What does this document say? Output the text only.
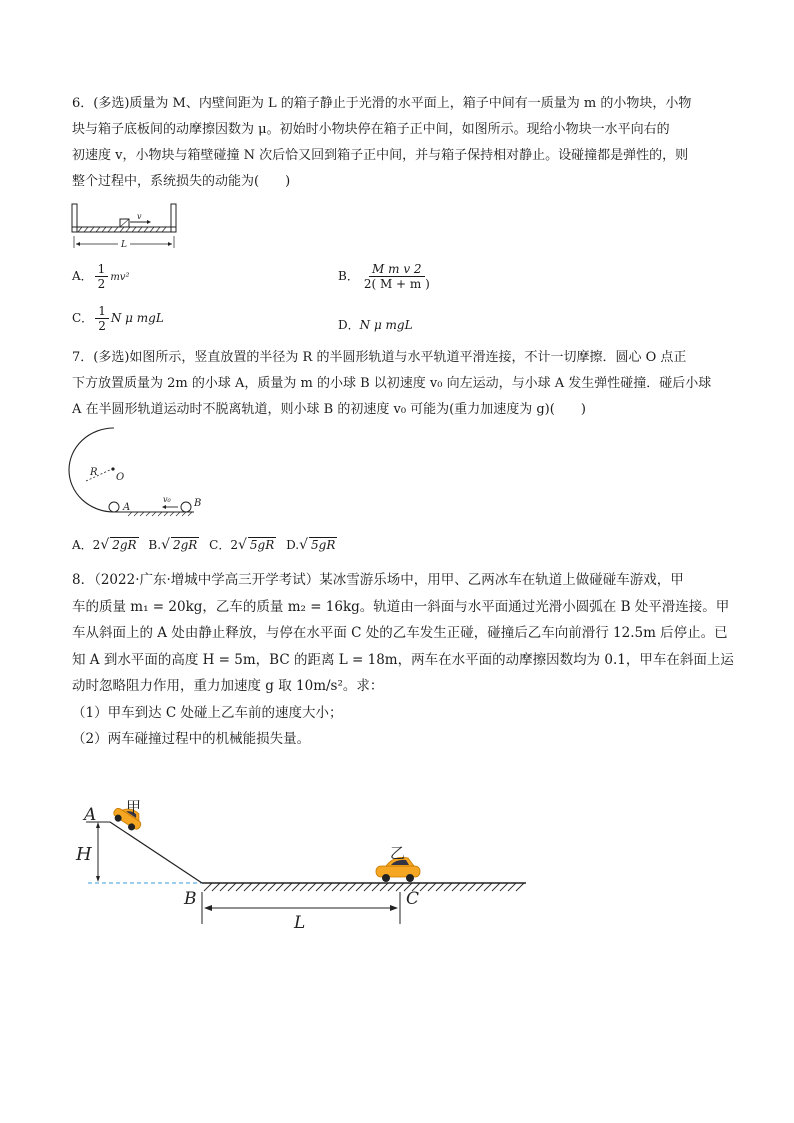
6．(多选)质量为 M、内壁间距为 L 的箱子静止于光滑的水平面上，箱子中间有一质量为 m 的小物块，小物
块与箱子底板间的动摩擦因数为 μ。初始时小物块停在箱子正中间，如图所示。现给小物块一水平向右的
初速度 v，小物块与箱壁碰撞 N 次后恰又回到箱子正中间，并与箱子保持相对静止。设碰撞都是弹性的，则
整个过程中，系统损失的动能为(　　)
v
L
A． $\frac{1}{2} mv^2$	B． $\frac{\text{M m v 2}}{2( M + m )}$
C． $\frac{1}{2}$ N μ mgL	D．N μ mgL
7．(多选)如图所示，竖直放置的半径为 R 的半圆形轨道与水平轨道平滑连接，不计一切摩擦．圆心 O 点正
下方放置质量为 2m 的小球 A，质量为 m 的小球 B 以初速度 v₀ 向左运动，与小球 A 发生弹性碰撞．碰后小球
A 在半圆形轨道运动时不脱离轨道，则小球 B 的初速度 v₀ 可能为(重力加速度为 g)(　　)
R O
A	B
v₀
A．2√ 2gR B.√ 2gR C．2√ 5gR D.√ 5gR
8．（2022·广东·增城中学高三开学考试）某冰雪游乐场中，用甲、乙两冰车在轨道上做碰碰车游戏，甲
车的质量 m₁ = 20kg，乙车的质量 m₂ = 16kg。轨道由一斜面与水平面通过光滑小圆弧在 B 处平滑连接。甲
车从斜面上的 A 处由静止释放，与停在水平面 C 处的乙车发生正碰，碰撞后乙车向前滑行 12.5m 后停止。已
知 A 到水平面的高度 H = 5m，BC 的距离 L = 18m，两车在水平面的动摩擦因数均为 0.1，甲车在斜面上运
动时忽略阻力作用，重力加速度 g 取 10m/s²。求：
（1）甲车到达 C 处碰上乙车前的速度大小；
（2）两车碰撞过程中的机械能损失量。
H
A 甲
乙
B	C
L
